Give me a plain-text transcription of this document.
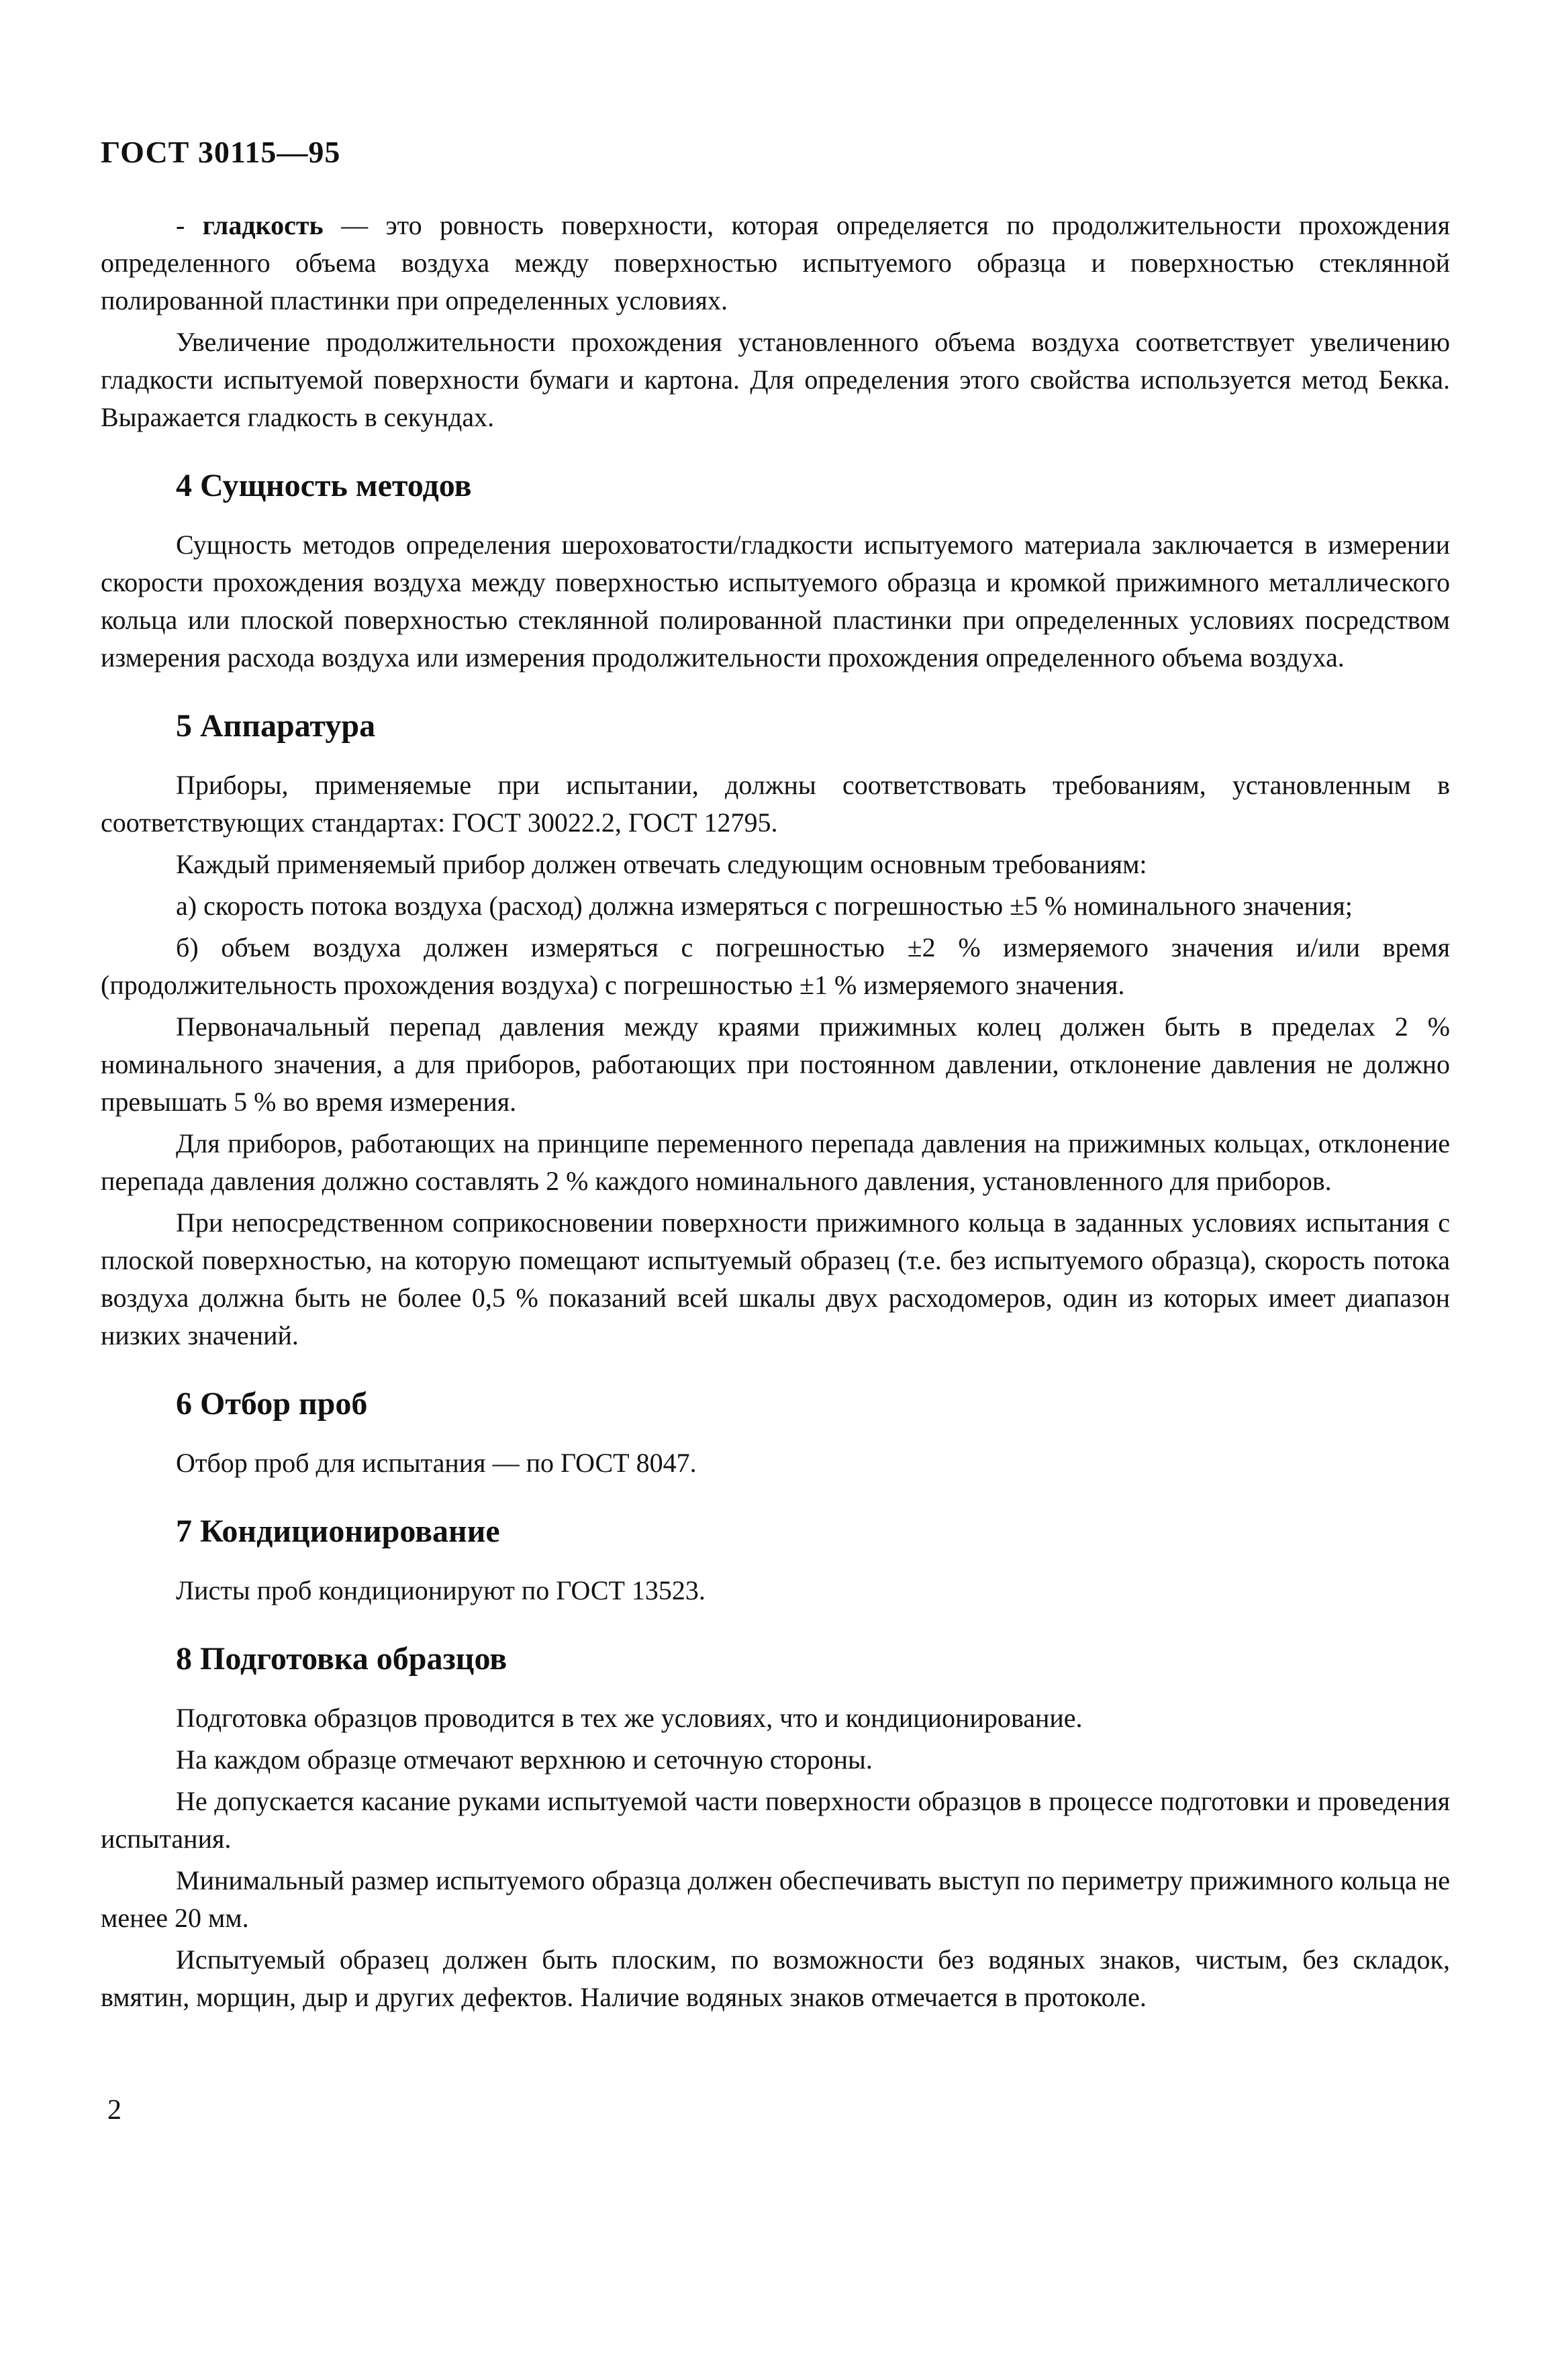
ГОСТ 30115—95

- гладкость — это ровность поверхности, которая определяется по продолжительности прохождения определенного объема воздуха между поверхностью испытуемого образца и поверхностью стеклянной полированной пластинки при определенных условиях.

Увеличение продолжительности прохождения установленного объема воздуха соответствует увеличению гладкости испытуемой поверхности бумаги и картона. Для определения этого свойства используется метод Бекка. Выражается гладкость в секундах.

4 Сущность методов

Сущность методов определения шероховатости/гладкости испытуемого материала заключается в измерении скорости прохождения воздуха между поверхностью испытуемого образца и кромкой прижимного металлического кольца или плоской поверхностью стеклянной полированной пластинки при определенных условиях посредством измерения расхода воздуха или измерения продолжительности прохождения определенного объема воздуха.

5 Аппаратура

Приборы, применяемые при испытании, должны соответствовать требованиям, установленным в соответствующих стандартах: ГОСТ 30022.2, ГОСТ 12795.

Каждый применяемый прибор должен отвечать следующим основным требованиям:

а) скорость потока воздуха (расход) должна измеряться с погрешностью ±5 % номинального значения;

б) объем воздуха должен измеряться с погрешностью ±2 % измеряемого значения и/или время (продолжительность прохождения воздуха) с погрешностью ±1 % измеряемого значения.

Первоначальный перепад давления между краями прижимных колец должен быть в пределах 2 % номинального значения, а для приборов, работающих при постоянном давлении, отклонение давления не должно превышать 5 % во время измерения.

Для приборов, работающих на принципе переменного перепада давления на прижимных кольцах, отклонение перепада давления должно составлять 2 % каждого номинального давления, установленного для приборов.

При непосредственном соприкосновении поверхности прижимного кольца в заданных условиях испытания с плоской поверхностью, на которую помещают испытуемый образец (т.е. без испытуемого образца), скорость потока воздуха должна быть не более 0,5 % показаний всей шкалы двух расходомеров, один из которых имеет диапазон низких значений.

6 Отбор проб

Отбор проб для испытания — по ГОСТ 8047.

7 Кондиционирование

Листы проб кондиционируют по ГОСТ 13523.

8 Подготовка образцов

Подготовка образцов проводится в тех же условиях, что и кондиционирование.

На каждом образце отмечают верхнюю и сеточную стороны.

Не допускается касание руками испытуемой части поверхности образцов в процессе подготовки и проведения испытания.

Минимальный размер испытуемого образца должен обеспечивать выступ по периметру прижимного кольца не менее 20 мм.

Испытуемый образец должен быть плоским, по возможности без водяных знаков, чистым, без складок, вмятин, морщин, дыр и других дефектов. Наличие водяных знаков отмечается в протоколе.

2
